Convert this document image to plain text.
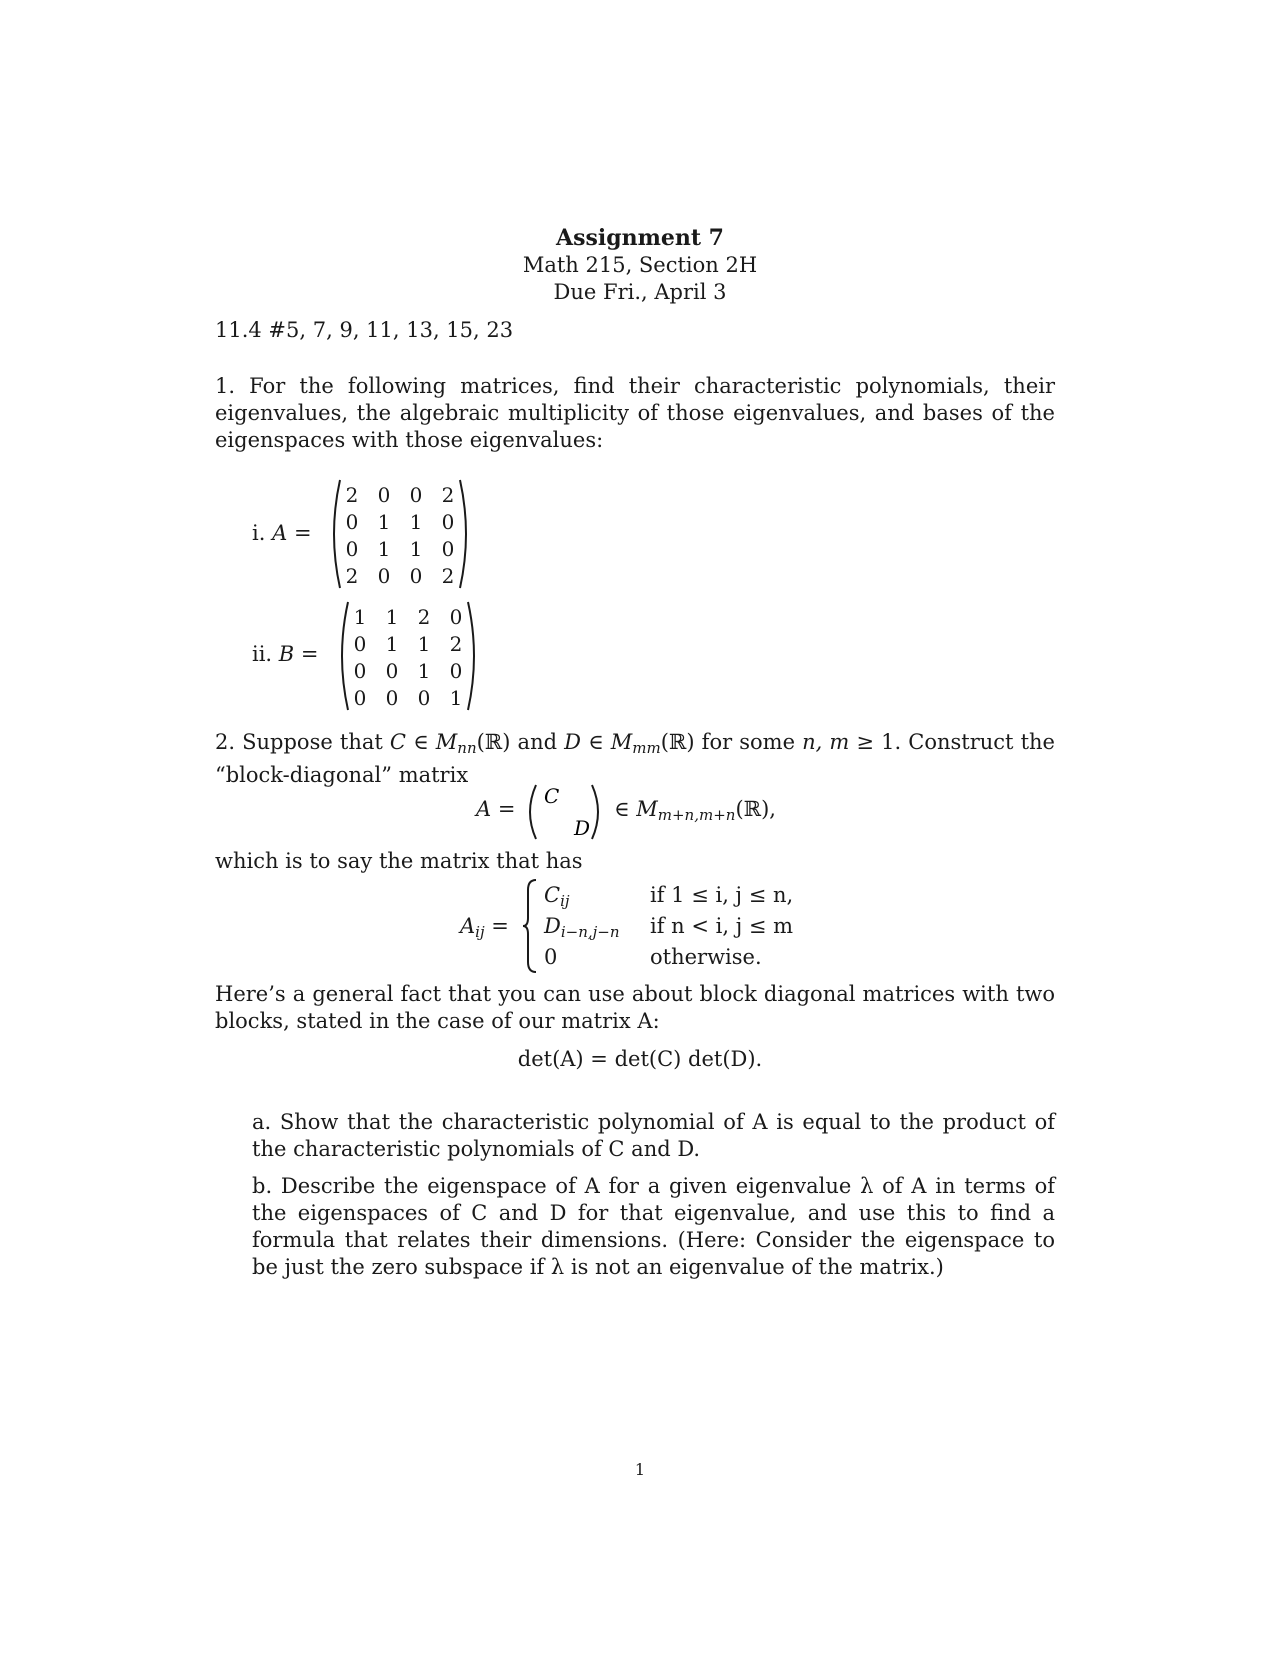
Assignment 7
Math 215, Section 2H
Due Fri., April 3
11.4 #5, 7, 9, 11, 13, 15, 23
1. For the following matrices, find their characteristic polynomials, their eigenvalues, the algebraic multiplicity of those eigenvalues, and bases of the eigenspaces with those eigenvalues:
i. A =
2	0	0	2
0	1	1	0
0	1	1	0
2	0	0	2
ii. B =
1	1	2	0
0	1	1	2
0	0	1	0
0	0	0	1
2. Suppose that C ∈ $M_{nn}(ℝ)$ and D ∈ $M_{mm}(ℝ)$ for some n, m ≥ 1. Construct the “block-diagonal” matrix
A =
C
D
∈ $M_{m+n,m+n}(ℝ)$,
which is to say the matrix that has
$A_{ij}$ =
$C_{ij}$	if 1 ≤ i, j ≤ n,
$D_{i-n,j-n}$ if n < i, j ≤ m
0	otherwise.
Here’s a general fact that you can use about block diagonal matrices with two blocks, stated in the case of our matrix A:
det(A) = det(C) det(D).
a. Show that the characteristic polynomial of A is equal to the product of the characteristic polynomials of C and D.
b. Describe the eigenspace of A for a given eigenvalue λ of A in terms of the eigenspaces of C and D for that eigenvalue, and use this to find a formula that relates their dimensions. (Here: Consider the eigenspace to be just the zero subspace if λ is not an eigenvalue of the matrix.)
1
